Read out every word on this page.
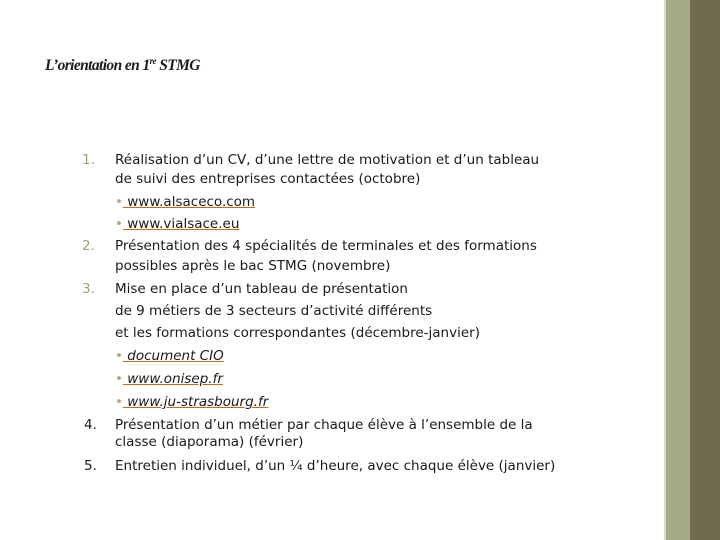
L’orientation en 1re STMG
1. Réalisation d’un CV, d’une lettre de motivation et d’un tableau
de suivi des entreprises contactées (octobre)
• www.alsaceco.com
• www.vialsace.eu
2. Présentation des 4 spécialités de terminales et des formations
possibles après le bac STMG (novembre)
3. Mise en place d’un tableau de présentation
de 9 métiers de 3 secteurs d’activité différents
et les formations correspondantes (décembre-janvier)
• document CIO
• www.onisep.fr
• www.ju-strasbourg.fr
4. Présentation d’un métier par chaque élève à l’ensemble de la
classe (diaporama) (février)
5. Entretien individuel, d’un ¼ d’heure, avec chaque élève (janvier)
